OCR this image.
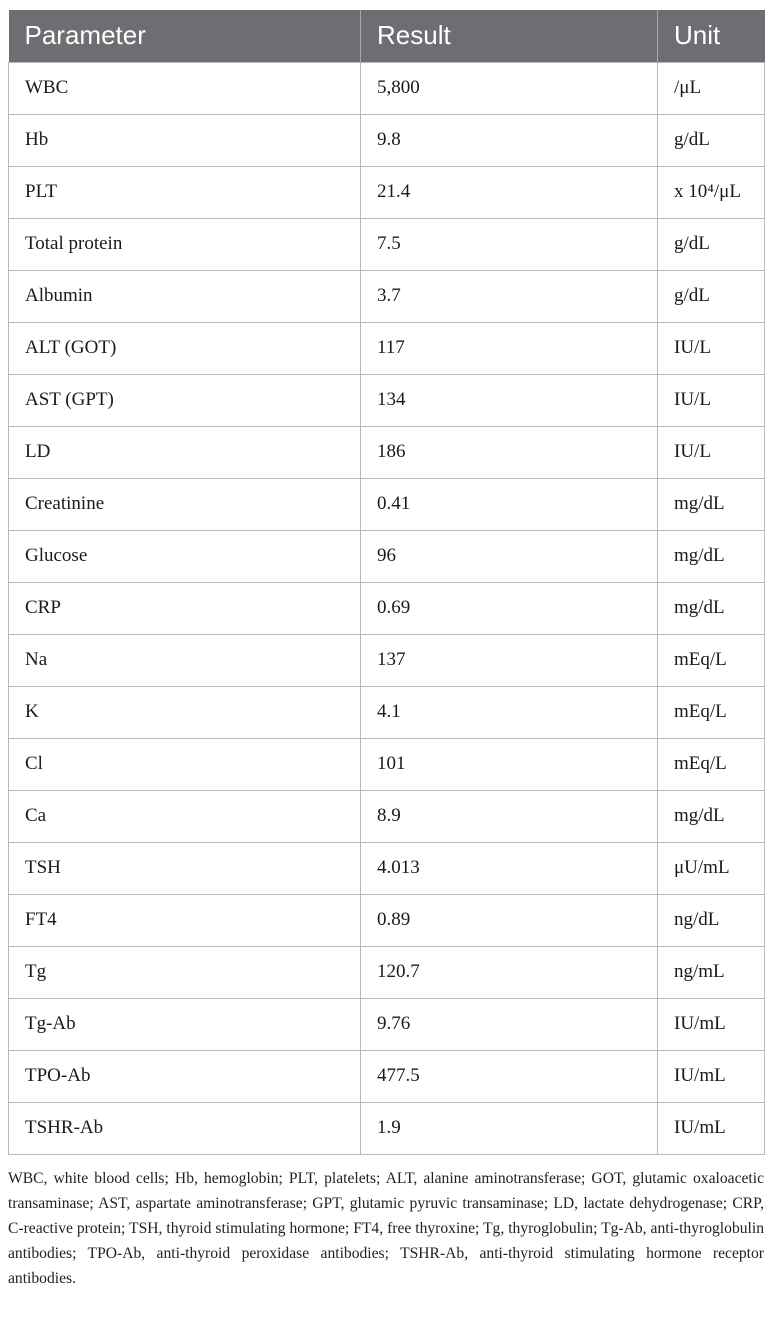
Parameter	Result	Unit
WBC	5,800	/μL
Hb	9.8	g/dL
PLT	21.4	x 10⁴/μL
Total protein	7.5	g/dL
Albumin	3.7	g/dL
ALT (GOT)	117	IU/L
AST (GPT)	134	IU/L
LD	186	IU/L
Creatinine	0.41	mg/dL
Glucose	96	mg/dL
CRP	0.69	mg/dL
Na	137	mEq/L
K	4.1	mEq/L
Cl	101	mEq/L
Ca	8.9	mg/dL
TSH	4.013	μU/mL
FT4	0.89	ng/dL
Tg	120.7	ng/mL
Tg-Ab	9.76	IU/mL
TPO-Ab	477.5	IU/mL
TSHR-Ab	1.9	IU/mL

WBC, white blood cells; Hb, hemoglobin; PLT, platelets; ALT, alanine aminotransferase; GOT, glutamic oxaloacetic transaminase; AST, aspartate aminotransferase; GPT, glutamic pyruvic transaminase; LD, lactate dehydrogenase; CRP, C-reactive protein; TSH, thyroid stimulating hormone; FT4, free thyroxine; Tg, thyroglobulin; Tg-Ab, anti-thyroglobulin antibodies; TPO-Ab, anti-thyroid peroxidase antibodies; TSHR-Ab, anti-thyroid stimulating hormone receptor antibodies.
